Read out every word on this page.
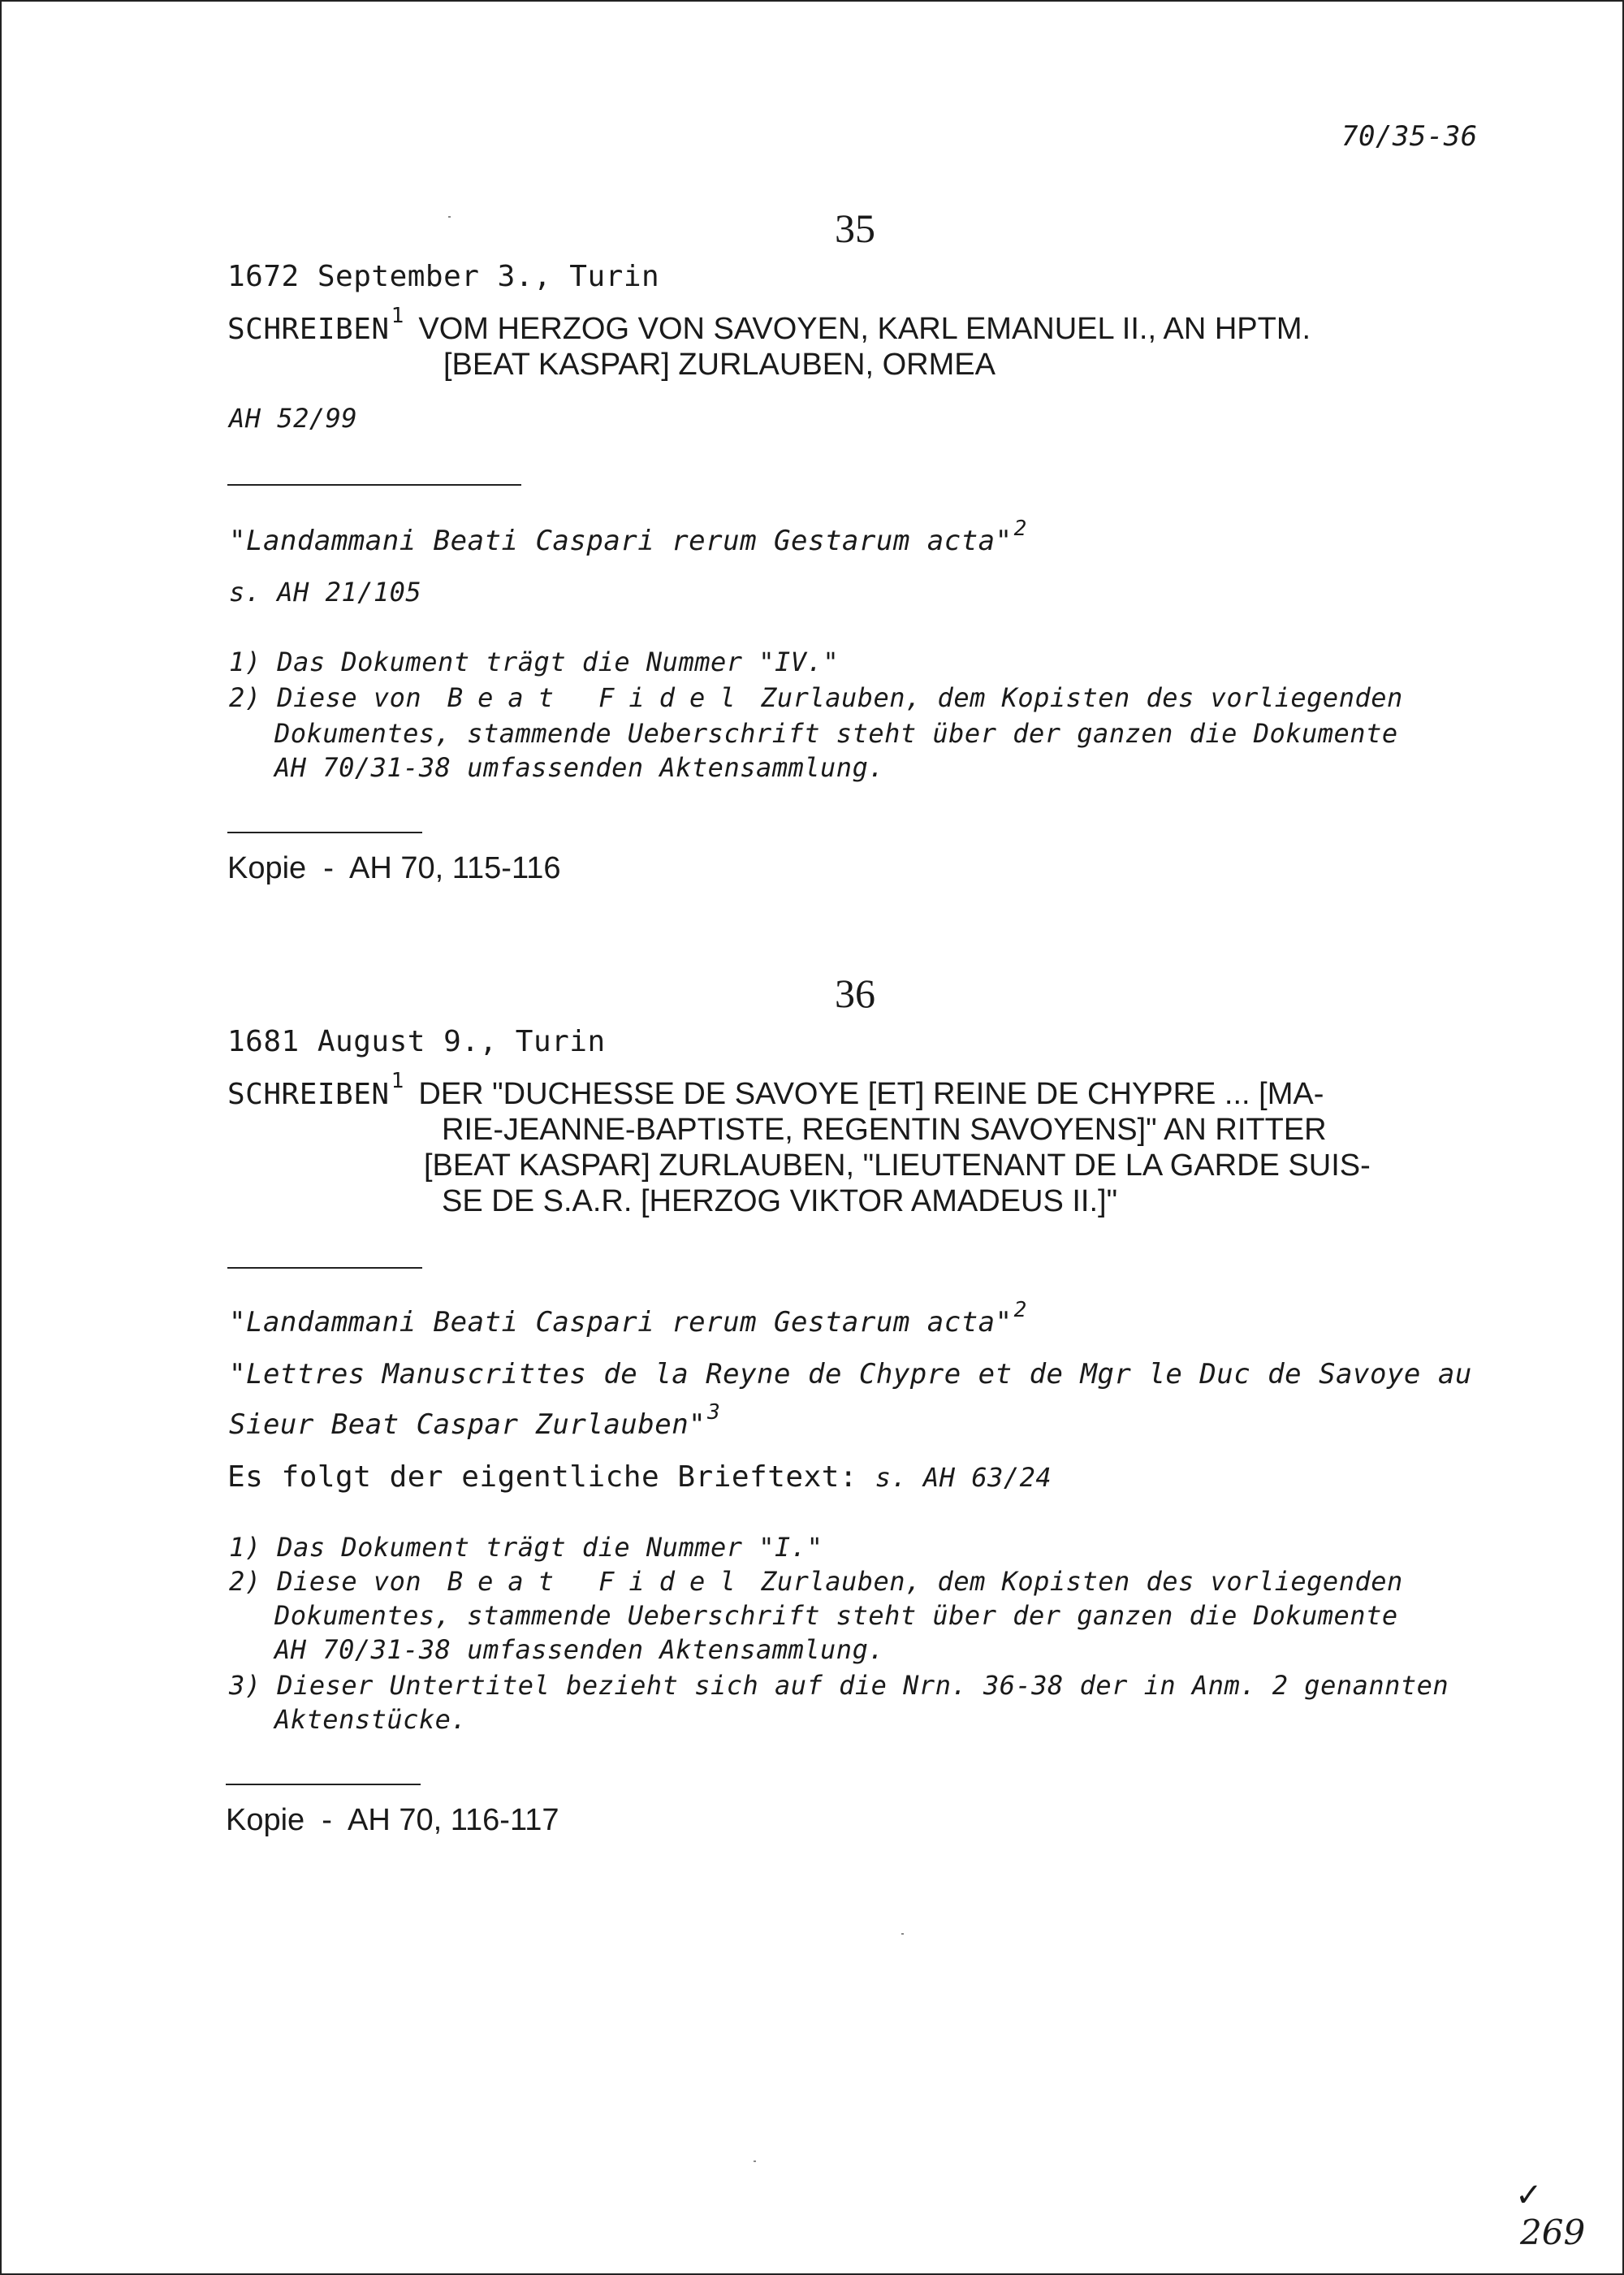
70/35-36
35
1672 September 3., Turin
SCHREIBEN1 VOM HERZOG VON SAVOYEN, KARL EMANUEL II., AN HPTM.
[BEAT KASPAR] ZURLAUBEN, ORMEA
AH 52/99
"Landammani Beati Caspari rerum Gestarum acta"2
s. AH 21/105
1) Das Dokument trägt die Nummer "IV."
2) Diese von Beat Fidel Zurlauben, dem Kopisten des vorliegenden
Dokumentes, stammende Ueberschrift steht über der ganzen die Dokumente
AH 70/31-38 umfassenden Aktensammlung.
Kopie  -  AH 70, 115-116
36
1681 August 9., Turin
SCHREIBEN1 DER "DUCHESSE DE SAVOYE [ET] REINE DE CHYPRE ... [MA-
RIE-JEANNE-BAPTISTE, REGENTIN SAVOYENS]" AN RITTER
[BEAT KASPAR] ZURLAUBEN, "LIEUTENANT DE LA GARDE SUIS-
SE DE S.A.R. [HERZOG VIKTOR AMADEUS II.]"
"Landammani Beati Caspari rerum Gestarum acta"2
"Lettres Manuscrittes de la Reyne de Chypre et de Mgr le Duc de Savoye au
Sieur Beat Caspar Zurlauben"3
Es folgt der eigentliche Brieftext: s. AH 63/24
1) Das Dokument trägt die Nummer "I."
2) Diese von Beat Fidel Zurlauben, dem Kopisten des vorliegenden
Dokumentes, stammende Ueberschrift steht über der ganzen die Dokumente
AH 70/31-38 umfassenden Aktensammlung.
3) Dieser Untertitel bezieht sich auf die Nrn. 36-38 der in Anm. 2 genannten
Aktenstücke.
Kopie  -  AH 70, 116-117
✓
269
